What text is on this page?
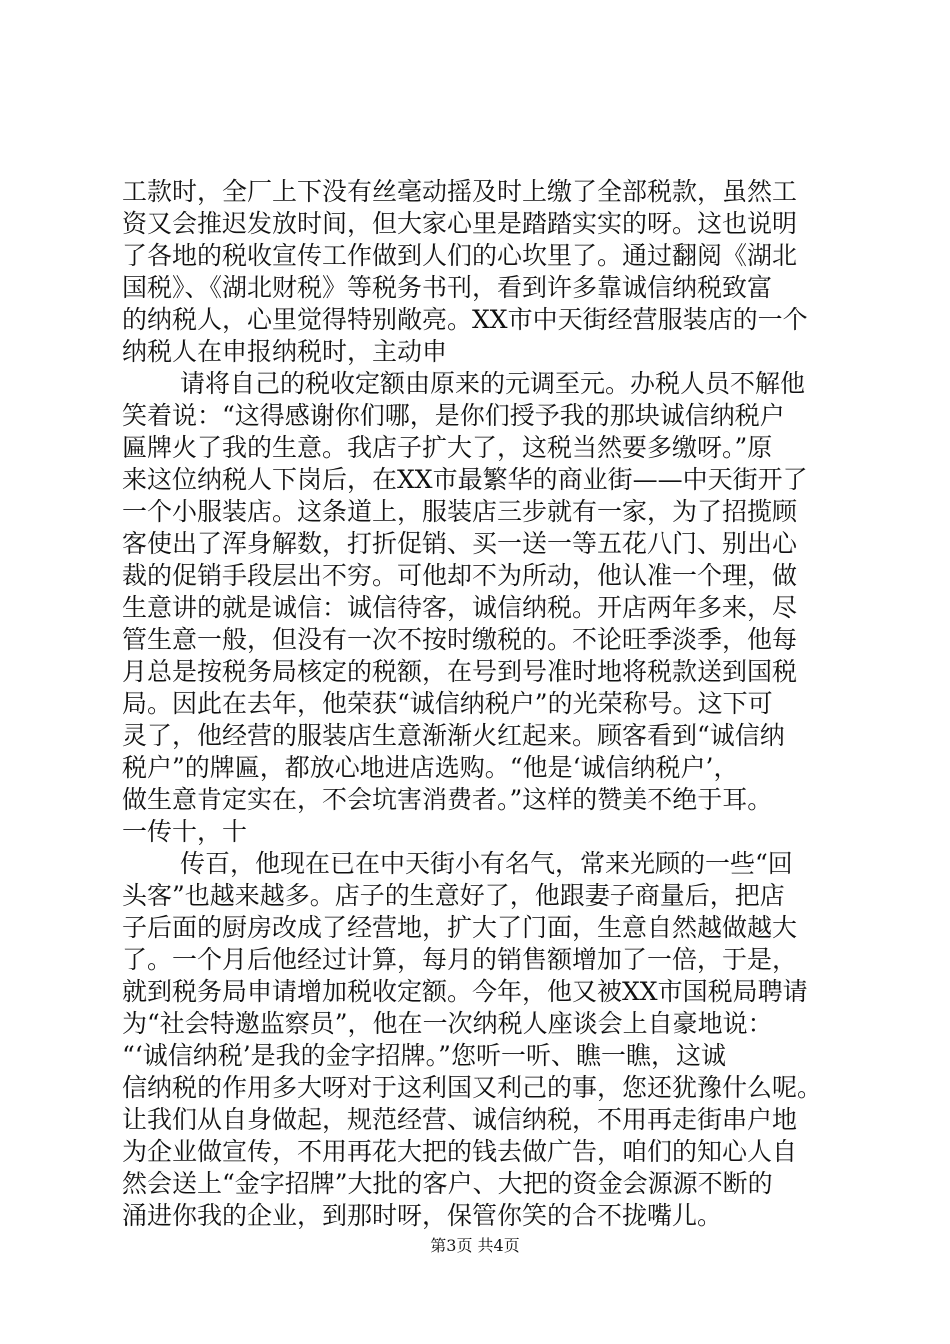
工款时，全厂上下没有丝毫动摇及时上缴了全部税款，虽然工
资又会推迟发放时间，但大家心里是踏踏实实的呀。这也说明
了各地的税收宣传工作做到人们的心坎里了。通过翻阅《湖北
国税》、《湖北财税》等税务书刊，看到许多靠诚信纳税致富
的纳税人，心里觉得特别敞亮。XX市中天街经营服装店的一个
纳税人在申报纳税时，主动申
请将自己的税收定额由原来的元调至元。办税人员不解他
笑着说：“这得感谢你们哪，是你们授予我的那块诚信纳税户
匾牌火了我的生意。我店子扩大了，这税当然要多缴呀。”原
来这位纳税人下岗后，在XX市最繁华的商业街——中天街开了
一个小服装店。这条道上，服装店三步就有一家，为了招揽顾
客使出了浑身解数，打折促销、买一送一等五花八门、别出心
裁的促销手段层出不穷。可他却不为所动，他认准一个理，做
生意讲的就是诚信：诚信待客，诚信纳税。开店两年多来，尽
管生意一般，但没有一次不按时缴税的。不论旺季淡季，他每
月总是按税务局核定的税额，在号到号准时地将税款送到国税
局。因此在去年，他荣获“诚信纳税户”的光荣称号。这下可
灵了，他经营的服装店生意渐渐火红起来。顾客看到“诚信纳
税户”的牌匾，都放心地进店选购。“他是‘诚信纳税户’，
做生意肯定实在，不会坑害消费者。”这样的赞美不绝于耳。
一传十，十
传百，他现在已在中天街小有名气，常来光顾的一些“回
头客”也越来越多。店子的生意好了，他跟妻子商量后，把店
子后面的厨房改成了经营地，扩大了门面，生意自然越做越大
了。一个月后他经过计算，每月的销售额增加了一倍，于是，
就到税务局申请增加税收定额。今年，他又被XX市国税局聘请
为“社会特邀监察员”，他在一次纳税人座谈会上自豪地说：
“‘诚信纳税’是我的金字招牌。”您听一听、瞧一瞧，这诚
信纳税的作用多大呀对于这利国又利己的事，您还犹豫什么呢。
让我们从自身做起，规范经营、诚信纳税，不用再走街串户地
为企业做宣传，不用再花大把的钱去做广告，咱们的知心人自
然会送上“金字招牌”大批的客户、大把的资金会源源不断的
涌进你我的企业，到那时呀，保管你笑的合不拢嘴儿。
第3页 共4页
